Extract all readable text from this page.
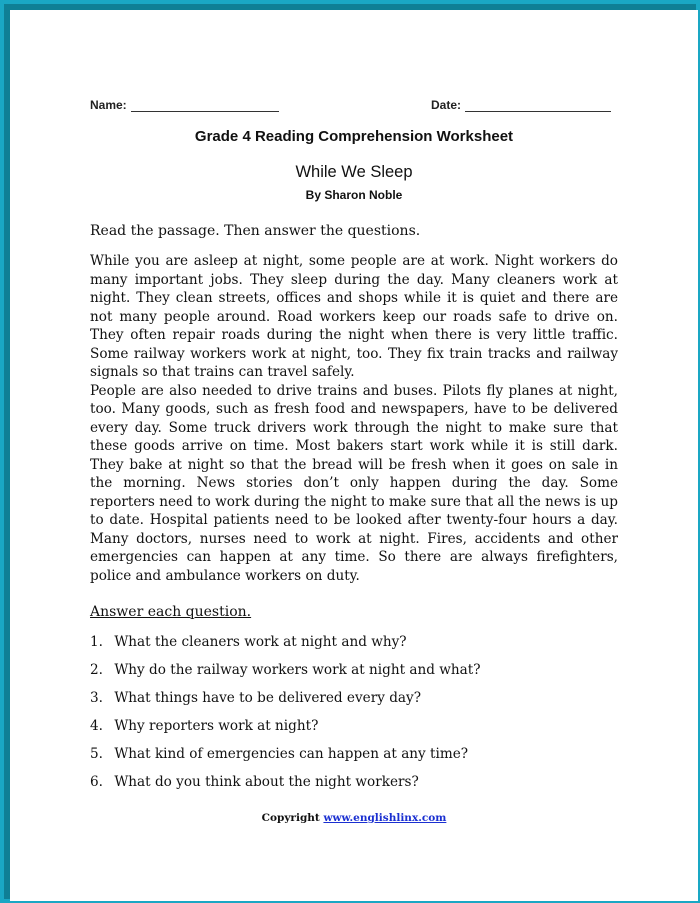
Name:	Date:
Grade 4 Reading Comprehension Worksheet
While We Sleep
By Sharon Noble
Read the passage. Then answer the questions.

While you are asleep at night, some people are at work. Night workers do many important jobs. They sleep during the day. Many cleaners work at night. They clean streets, offices and shops while it is quiet and there are not many people around. Road workers keep our roads safe to drive on. They often repair roads during the night when there is very little traffic. Some railway workers work at night, too. They fix train tracks and railway signals so that trains can travel safely.

People are also needed to drive trains and buses. Pilots fly planes at night, too. Many goods, such as fresh food and newspapers, have to be delivered every day. Some truck drivers work through the night to make sure that these goods arrive on time. Most bakers start work while it is still dark. They bake at night so that the bread will be fresh when it goes on sale in the morning. News stories don’t only happen during the day. Some reporters need to work during the night to make sure that all the news is up to date. Hospital patients need to be looked after twenty-four hours a day. Many doctors, nurses need to work at night. Fires, accidents and other emergencies can happen at any time. So there are always firefighters, police and ambulance workers on duty.

Answer each question.
1. What the cleaners work at night and why?
2. Why do the railway workers work at night and what?
3. What things have to be delivered every day?
4. Why reporters work at night?
5. What kind of emergencies can happen at any time?
6. What do you think about the night workers?
Copyright www.englishlinx.com
